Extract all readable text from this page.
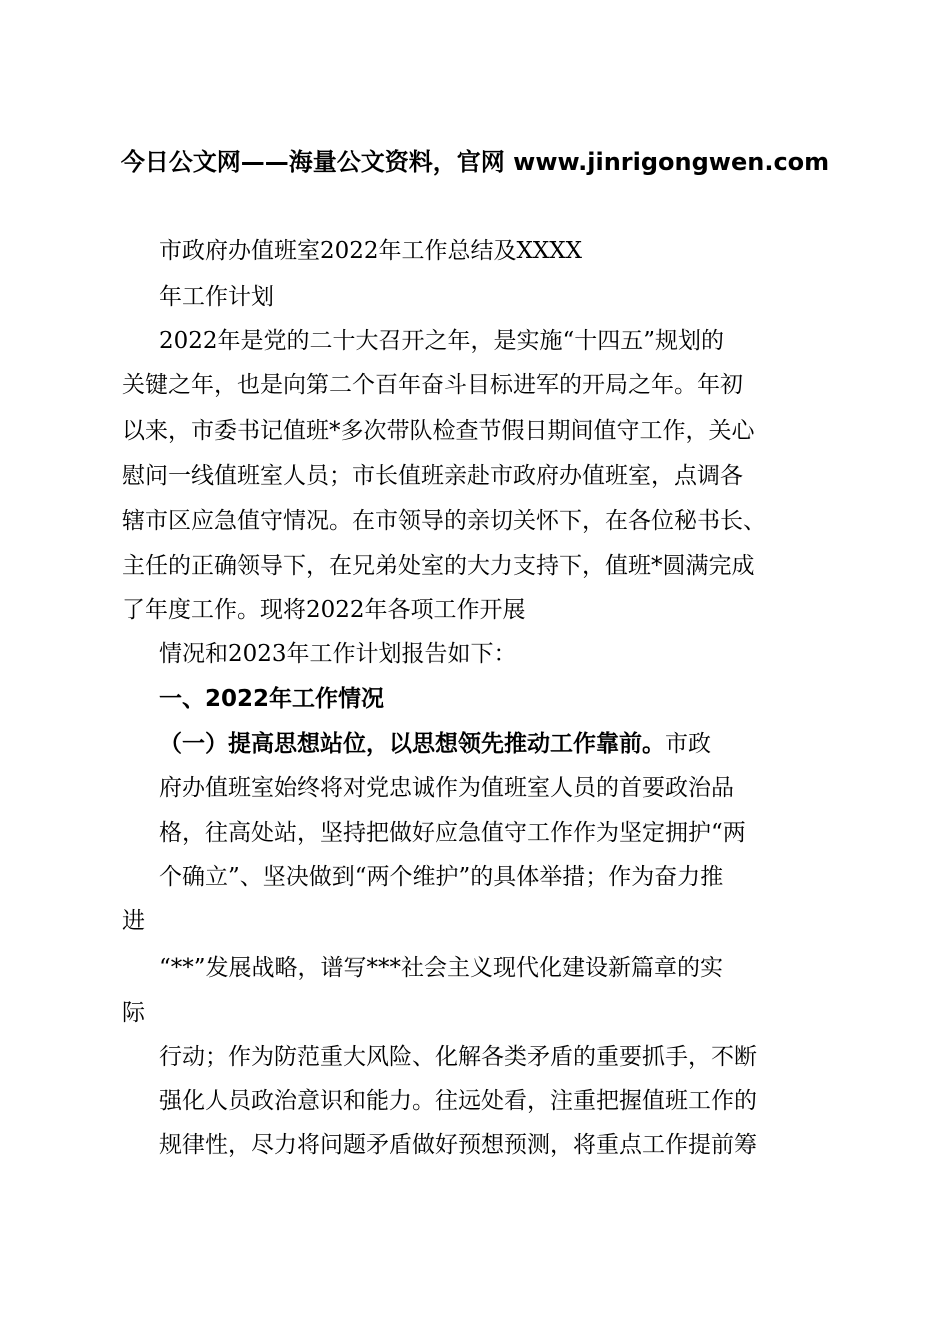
今日公文网——海量公文资料，官网 www.jinrigongwen.com
市政府办值班室2022年工作总结及XXXX
年工作计划
2022年是党的二十大召开之年，是实施“十四五”规划的
关键之年，也是向第二个百年奋斗目标进军的开局之年。年初
以来，市委书记值班*多次带队检查节假日期间值守工作，关心
慰问一线值班室人员；市长值班亲赴市政府办值班室，点调各
辖市区应急值守情况。在市领导的亲切关怀下，在各位秘书长、
主任的正确领导下，在兄弟处室的大力支持下，值班*圆满完成
了年度工作。现将2022年各项工作开展
情况和2023年工作计划报告如下：
一、2022年工作情况
（一）提高思想站位，以思想领先推动工作靠前。市政
府办值班室始终将对党忠诚作为值班室人员的首要政治品
格，往高处站，坚持把做好应急值守工作作为坚定拥护“两
个确立”、坚决做到“两个维护”的具体举措；作为奋力推
进
“**”发展战略，谱写***社会主义现代化建设新篇章的实
际
行动；作为防范重大风险、化解各类矛盾的重要抓手，不断
强化人员政治意识和能力。往远处看，注重把握值班工作的
规律性，尽力将问题矛盾做好预想预测，将重点工作提前筹
